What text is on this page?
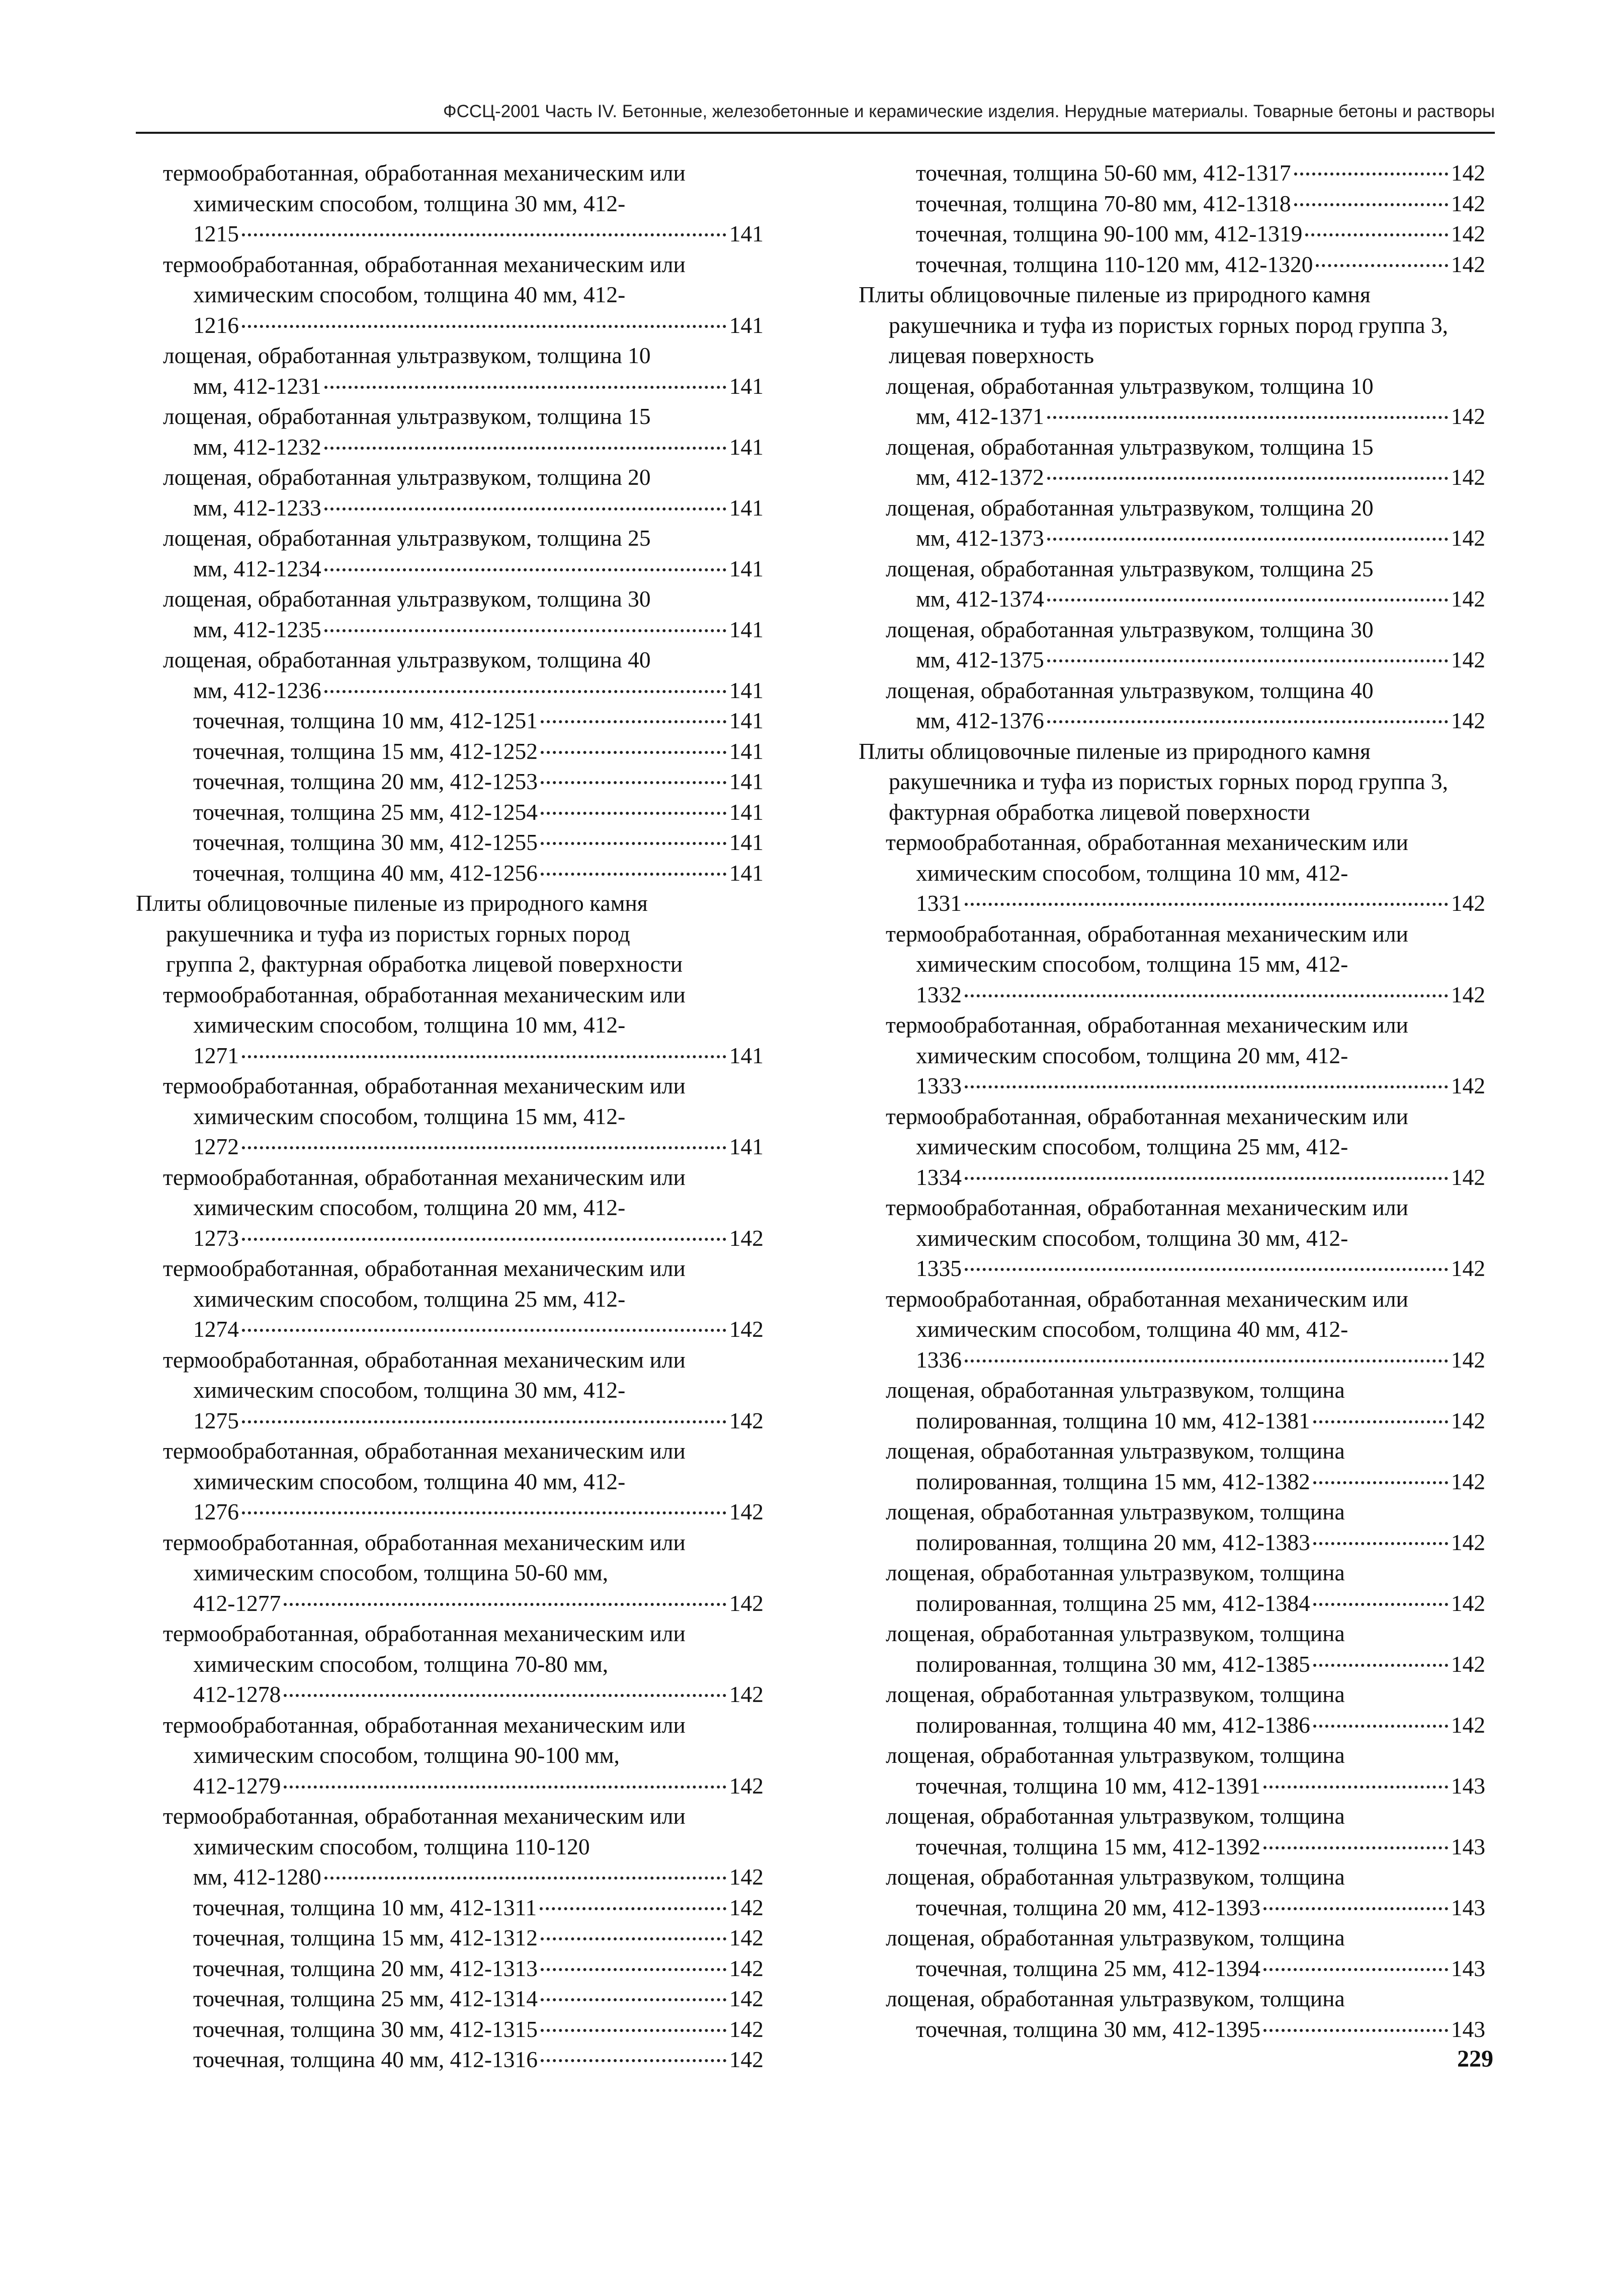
ФССЦ-2001 Часть IV. Бетонные, железобетонные и керамические изделия. Нерудные материалы. Товарные бетоны и растворы
термообработанная, обработанная механическим или химическим способом, толщина 30 мм, 412-
1215	141
термообработанная, обработанная механическим или химическим способом, толщина 40 мм, 412-
1216	141
лощеная, обработанная ультразвуком, толщина 10
мм, 412-1231	141
лощеная, обработанная ультразвуком, толщина 15
мм, 412-1232	141
лощеная, обработанная ультразвуком, толщина 20
мм, 412-1233	141
лощеная, обработанная ультразвуком, толщина 25
мм, 412-1234	141
лощеная, обработанная ультразвуком, толщина 30
мм, 412-1235	141
лощеная, обработанная ультразвуком, толщина 40
мм, 412-1236	141
точечная, толщина 10 мм, 412-1251	141
точечная, толщина 15 мм, 412-1252	141
точечная, толщина 20 мм, 412-1253	141
точечная, толщина 25 мм, 412-1254	141
точечная, толщина 30 мм, 412-1255	141
точечная, толщина 40 мм, 412-1256	141
Плиты облицовочные пиленые из природного камня ракушечника и туфа из пористых горных пород
группа 2, фактурная обработка лицевой поверхности
термообработанная, обработанная механическим или химическим способом, толщина 10 мм, 412-
1271	141
термообработанная, обработанная механическим или химическим способом, толщина 15 мм, 412-
1272	141
термообработанная, обработанная механическим или химическим способом, толщина 20 мм, 412-
1273	142
термообработанная, обработанная механическим или химическим способом, толщина 25 мм, 412-
1274	142
термообработанная, обработанная механическим или химическим способом, толщина 30 мм, 412-
1275	142
термообработанная, обработанная механическим или химическим способом, толщина 40 мм, 412-
1276	142
термообработанная, обработанная механическим или химическим способом, толщина 50-60 мм,
412-1277	142
термообработанная, обработанная механическим или химическим способом, толщина 70-80 мм,
412-1278	142
термообработанная, обработанная механическим или химическим способом, толщина 90-100 мм,
412-1279	142
термообработанная, обработанная механическим или химическим способом, толщина 110-120
мм, 412-1280	142
точечная, толщина 10 мм, 412-1311	142
точечная, толщина 15 мм, 412-1312	142
точечная, толщина 20 мм, 412-1313	142
точечная, толщина 25 мм, 412-1314	142
точечная, толщина 30 мм, 412-1315	142
точечная, толщина 40 мм, 412-1316	142
точечная, толщина 50-60 мм, 412-1317	142
точечная, толщина 70-80 мм, 412-1318	142
точечная, толщина 90-100 мм, 412-1319	142
точечная, толщина 110-120 мм, 412-1320	142
Плиты облицовочные пиленые из природного камня ракушечника и туфа из пористых горных пород группа 3, лицевая поверхность
лощеная, обработанная ультразвуком, толщина 10
мм, 412-1371	142
лощеная, обработанная ультразвуком, толщина 15
мм, 412-1372	142
лощеная, обработанная ультразвуком, толщина 20
мм, 412-1373	142
лощеная, обработанная ультразвуком, толщина 25
мм, 412-1374	142
лощеная, обработанная ультразвуком, толщина 30
мм, 412-1375	142
лощеная, обработанная ультразвуком, толщина 40
мм, 412-1376	142
Плиты облицовочные пиленые из природного камня ракушечника и туфа из пористых горных пород группа 3, фактурная обработка лицевой поверхности
термообработанная, обработанная механическим или химическим способом, толщина 10 мм, 412-
1331	142
термообработанная, обработанная механическим или химическим способом, толщина 15 мм, 412-
1332	142
термообработанная, обработанная механическим или химическим способом, толщина 20 мм, 412-
1333	142
термообработанная, обработанная механическим или химическим способом, толщина 25 мм, 412-
1334	142
термообработанная, обработанная механическим или химическим способом, толщина 30 мм, 412-
1335	142
термообработанная, обработанная механическим или химическим способом, толщина 40 мм, 412-
1336	142
лощеная, обработанная ультразвуком, толщина
полированная, толщина 10 мм, 412-1381	142
лощеная, обработанная ультразвуком, толщина
полированная, толщина 15 мм, 412-1382	142
лощеная, обработанная ультразвуком, толщина
полированная, толщина 20 мм, 412-1383	142
лощеная, обработанная ультразвуком, толщина
полированная, толщина 25 мм, 412-1384	142
лощеная, обработанная ультразвуком, толщина
полированная, толщина 30 мм, 412-1385	142
лощеная, обработанная ультразвуком, толщина
полированная, толщина 40 мм, 412-1386	142
лощеная, обработанная ультразвуком, толщина
точечная, толщина 10 мм, 412-1391	143
лощеная, обработанная ультразвуком, толщина
точечная, толщина 15 мм, 412-1392	143
лощеная, обработанная ультразвуком, толщина
точечная, толщина 20 мм, 412-1393	143
лощеная, обработанная ультразвуком, толщина
точечная, толщина 25 мм, 412-1394	143
лощеная, обработанная ультразвуком, толщина
точечная, толщина 30 мм, 412-1395	143
229
